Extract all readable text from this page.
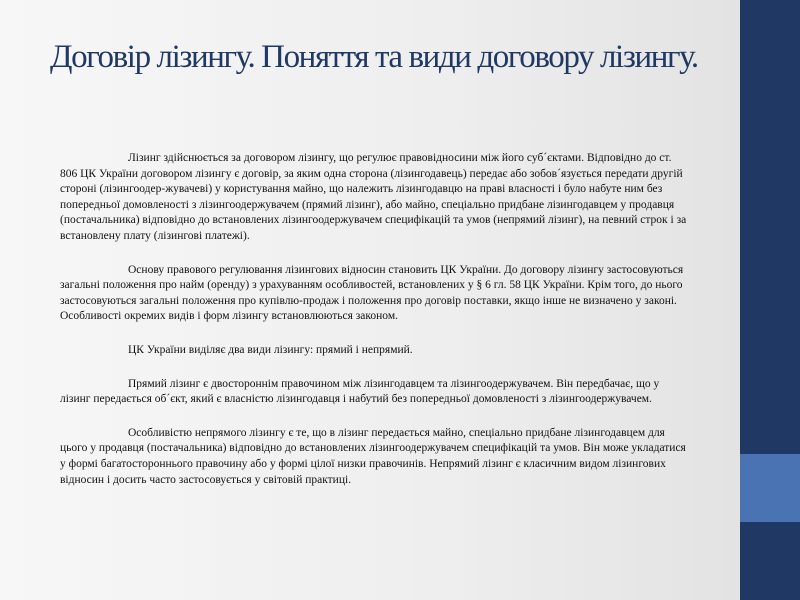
Договір лізингу. Поняття та види договору лізингу.

Лізинг здійснюється за договором лізингу, що регулює правовідносини між його суб´єктами. Відповідно до ст. 806 ЦК України договором лізингу є договір, за яким одна сторона (лізингодавець) передає або зобов´язується передати другій стороні (лізингоодер-жувачеві) у користування майно, що належить лізингодавцю на праві власності і було набуте ним без попередньої домовленості з лізингоодержувачем (прямий лізинг), або майно, спеціально придбане лізингодавцем у продавця (постачальника) відповідно до встановлених лізингоодержувачем специфікацій та умов (непрямий лізинг), на певний строк і за встановлену плату (лізингові платежі).

Основу правового регулювання лізингових відносин становить ЦК України. До договору лізингу застосовуються загальні положення про найм (оренду) з урахуванням особливостей, встановлених у § 6 гл. 58 ЦК України. Крім того, до нього застосовуються загальні положення про купівлю-продаж і положення про договір поставки, якщо інше не визначено у законі. Особливості окремих видів і форм лізингу встановлюються законом.

ЦК України виділяє два види лізингу: прямий і непрямий.

Прямий лізинг є двостороннім правочином між лізингодавцем та лізингоодержувачем. Він передбачає, що у лізинг передається об´єкт, який є власністю лізингодавця і набутий без попередньої домовленості з лізингоодержувачем.

Особливістю непрямого лізингу є те, що в лізинг передається майно, спеціально придбане лізингодавцем для цього у продавця (постачальника) відповідно до встановлених лізингоодержувачем специфікацій та умов. Він може укладатися у формі багатостороннього правочину або у формі цілої низки правочинів. Непрямий лізинг є класичним видом лізингових відносин і досить часто застосовується у світовій практиці.
